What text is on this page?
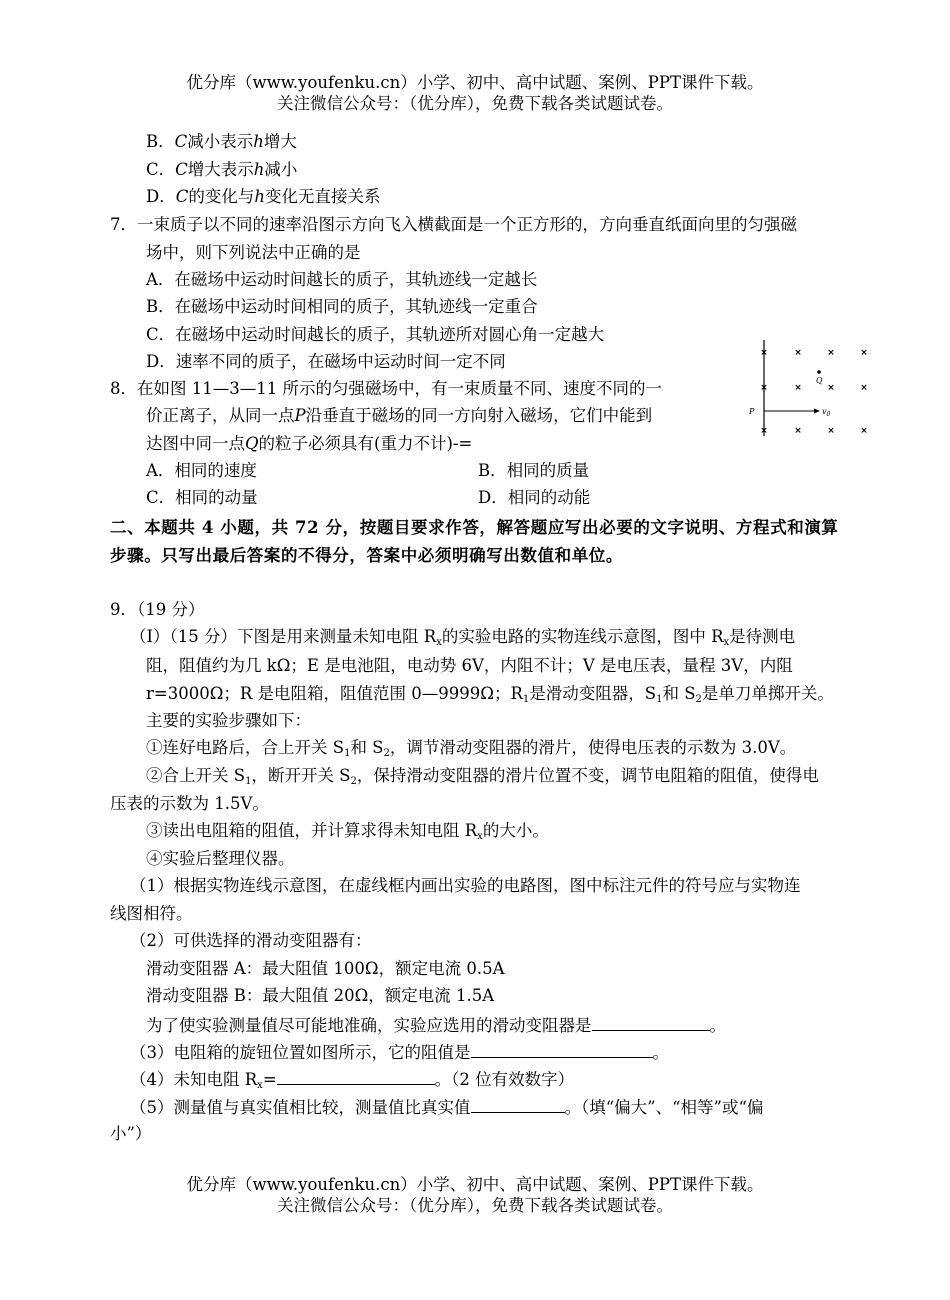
优分库（www.youfenku.cn）小学、初中、高中试题、案例、PPT课件下载。
关注微信公众号：（优分库），免费下载各类试题试卷。
B．C减小表示h增大
C．C增大表示h减小
D．C的变化与h变化无直接关系
7．一束质子以不同的速率沿图示方向飞入横截面是一个正方形的，方向垂直纸面向里的匀强磁
场中，则下列说法中正确的是
A．在磁场中运动时间越长的质子，其轨迹线一定越长
B．在磁场中运动时间相同的质子，其轨迹线一定重合
C．在磁场中运动时间越长的质子，其轨迹所对圆心角一定越大
D．速率不同的质子，在磁场中运动时间一定不同
8．在如图 11—3—11 所示的匀强磁场中，有一束质量不同、速度不同的一
价正离子，从同一点P沿垂直于磁场的同一方向射入磁场，它们中能到
达图中同一点Q的粒子必须具有(重力不计)-=
A．相同的速度	B．相同的质量
C．相同的动量	D．相同的动能
×	×	×	×
×	×	×	×
×	×	×	×
Q
P	$v_0$
二、本题共 4 小题，共 72 分，按题目要求作答，解答题应写出必要的文字说明、方程式和演算
步骤。只写出最后答案的不得分，答案中必须明确写出数值和单位。
9．（19 分）
（Ⅰ）（15 分）下图是用来测量未知电阻 $R_x$的实验电路的实物连线示意图，图中 $R_x$是待测电
阻，阻值约为几 kΩ；E 是电池阻，电动势 6V，内阻不计；V 是电压表，量程 3V，内阻
r=3000Ω；R 是电阻箱，阻值范围 0—9999Ω；$R_1$是滑动变阻器，$S_1$和 $S_2$是单刀单掷开关。
主要的实验步骤如下：
①连好电路后，合上开关 $S_1$和 $S_2$，调节滑动变阻器的滑片，使得电压表的示数为 3.0V。
②合上开关 $S_1$，断开开关 $S_2$，保持滑动变阻器的滑片位置不变，调节电阻箱的阻值，使得电
压表的示数为 1.5V。
③读出电阻箱的阻值，并计算求得未知电阻 $R_x$的大小。
④实验后整理仪器。
（1）根据实物连线示意图，在虚线框内画出实验的电路图，图中标注元件的符号应与实物连
线图相符。
（2）可供选择的滑动变阻器有：
滑动变阻器 A：最大阻值 100Ω，额定电流 0.5A
滑动变阻器 B：最大阻值 20Ω，额定电流 1.5A
为了使实验测量值尽可能地准确，实验应选用的滑动变阻器是	。
（3）电阻箱的旋钮位置如图所示，它的阻值是	。
（4）未知电阻 $R_x=$	。（2 位有效数字）
（5）测量值与真实值相比较，测量值比真实值	。（填“偏大”、“相等”或“偏
小”）
优分库（www.youfenku.cn）小学、初中、高中试题、案例、PPT课件下载。
关注微信公众号：（优分库），免费下载各类试题试卷。
